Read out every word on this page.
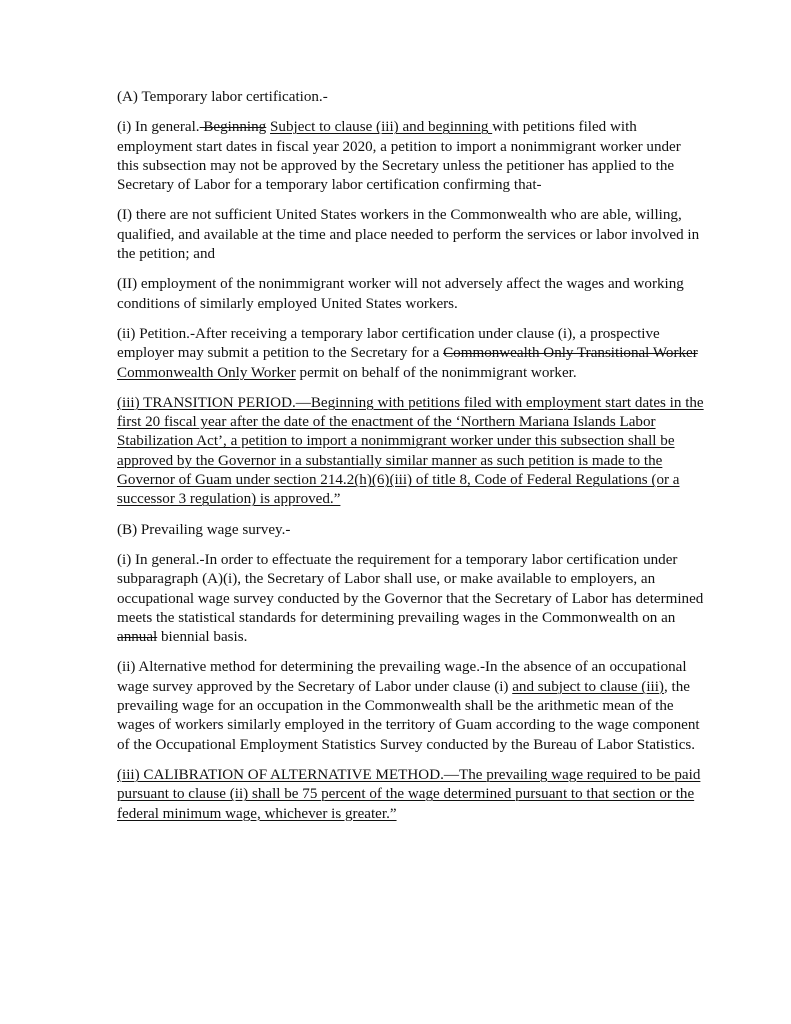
(A) Temporary labor certification.-

(i) In general. Beginning Subject to clause (iii) and beginning with petitions filed with
employment start dates in fiscal year 2020, a petition to import a nonimmigrant worker under
this subsection may not be approved by the Secretary unless the petitioner has applied to the
Secretary of Labor for a temporary labor certification confirming that-

(I) there are not sufficient United States workers in the Commonwealth who are able, willing,
qualified, and available at the time and place needed to perform the services or labor involved in
the petition; and

(II) employment of the nonimmigrant worker will not adversely affect the wages and working
conditions of similarly employed United States workers.

(ii) Petition.-After receiving a temporary labor certification under clause (i), a prospective
employer may submit a petition to the Secretary for a Commonwealth Only Transitional Worker
Commonwealth Only Worker permit on behalf of the nonimmigrant worker.

(iii) TRANSITION PERIOD.—Beginning with petitions filed with employment start dates in the
first 20 fiscal year after the date of the enactment of the ‘Northern Mariana Islands Labor
Stabilization Act’, a petition to import a nonimmigrant worker under this subsection shall be
approved by the Governor in a substantially similar manner as such petition is made to the
Governor of Guam under section 214.2(h)(6)(iii) of title 8, Code of Federal Regulations (or a
successor 3 regulation) is approved.”

(B) Prevailing wage survey.-

(i) In general.-In order to effectuate the requirement for a temporary labor certification under
subparagraph (A)(i), the Secretary of Labor shall use, or make available to employers, an
occupational wage survey conducted by the Governor that the Secretary of Labor has determined
meets the statistical standards for determining prevailing wages in the Commonwealth on an
annual biennial basis.

(ii) Alternative method for determining the prevailing wage.-In the absence of an occupational
wage survey approved by the Secretary of Labor under clause (i) and subject to clause (iii), the
prevailing wage for an occupation in the Commonwealth shall be the arithmetic mean of the
wages of workers similarly employed in the territory of Guam according to the wage component
of the Occupational Employment Statistics Survey conducted by the Bureau of Labor Statistics.

(iii) CALIBRATION OF ALTERNATIVE METHOD.—The prevailing wage required to be paid
pursuant to clause (ii) shall be 75 percent of the wage determined pursuant to that section or the
federal minimum wage, whichever is greater.”
